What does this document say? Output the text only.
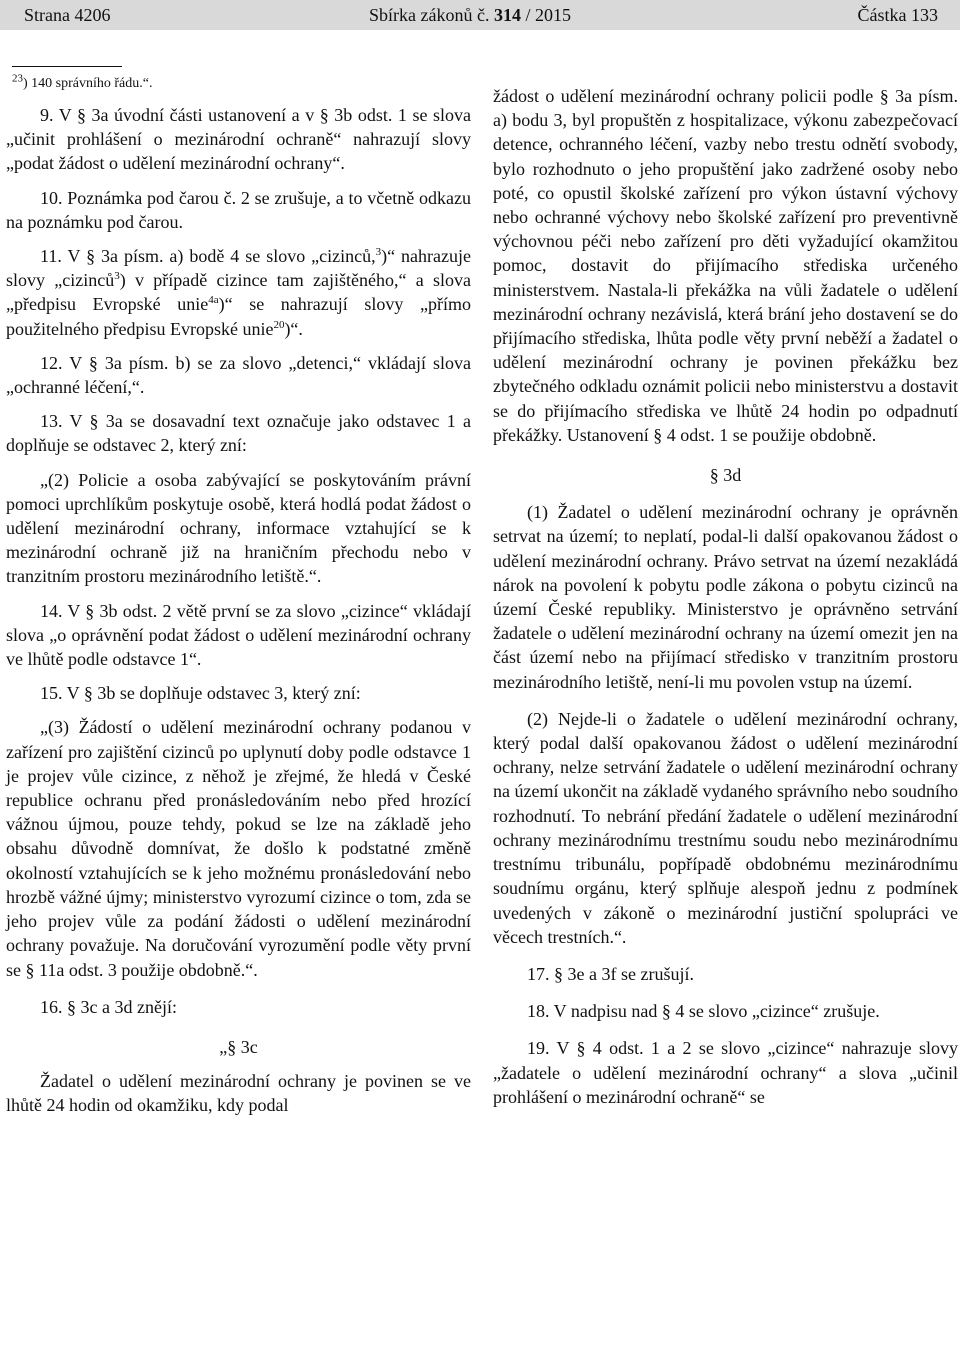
Strana 4206	Sbírka zákonů č. 314 / 2015	Částka 133

$^{23}$) 140 správního řádu.“.

9. V § 3a úvodní části ustanovení a v § 3b odst. 1 se slova „učinit prohlášení o mezinárodní ochraně“ nahrazují slovy „podat žádost o udělení mezinárodní ochrany“.

10. Poznámka pod čarou č. 2 se zrušuje, a to včetně odkazu na poznámku pod čarou.

11. V § 3a písm. a) bodě 4 se slovo „cizinců,$^3$)“ nahrazuje slovy „cizinců$^3$) v případě cizince tam zajištěného,“ a slova „předpisu Evropské unie$^{4a}$)“ se nahrazují slovy „přímo použitelného předpisu Evropské unie$^{20}$)“.

12. V § 3a písm. b) se za slovo „detenci,“ vkládají slova „ochranné léčení,“.

13. V § 3a se dosavadní text označuje jako odstavec 1 a doplňuje se odstavec 2, který zní:

„(2) Policie a osoba zabývající se poskytováním právní pomoci uprchlíkům poskytuje osobě, která hodlá podat žádost o udělení mezinárodní ochrany, informace vztahující se k mezinárodní ochraně již na hraničním přechodu nebo v tranzitním prostoru mezinárodního letiště.“.

14. V § 3b odst. 2 větě první se za slovo „cizince“ vkládají slova „o oprávnění podat žádost o udělení mezinárodní ochrany ve lhůtě podle odstavce 1“.

15. V § 3b se doplňuje odstavec 3, který zní:

„(3) Žádostí o udělení mezinárodní ochrany podanou v zařízení pro zajištění cizinců po uplynutí doby podle odstavce 1 je projev vůle cizince, z něhož je zřejmé, že hledá v České republice ochranu před pronásledováním nebo před hrozící vážnou újmou, pouze tehdy, pokud se lze na základě jeho obsahu důvodně domnívat, že došlo k podstatné změně okolností vztahujících se k jeho možnému pronásledování nebo hrozbě vážné újmy; ministerstvo vyrozumí cizince o tom, zda se jeho projev vůle za podání žádosti o udělení mezinárodní ochrany považuje. Na doručování vyrozumění podle věty první se § 11a odst. 3 použije obdobně.“.

16. § 3c a 3d znějí:

„§ 3c

Žadatel o udělení mezinárodní ochrany je povinen se ve lhůtě 24 hodin od okamžiku, kdy podal

žádost o udělení mezinárodní ochrany policii podle § 3a písm. a) bodu 3, byl propuštěn z hospitalizace, výkonu zabezpečovací detence, ochranného léčení, vazby nebo trestu odnětí svobody, bylo rozhodnuto o jeho propuštění jako zadržené osoby nebo poté, co opustil školské zařízení pro výkon ústavní výchovy nebo ochranné výchovy nebo školské zařízení pro preventivně výchovnou péči nebo zařízení pro děti vyžadující okamžitou pomoc, dostavit do přijímacího střediska určeného ministerstvem. Nastala-li překážka na vůli žadatele o udělení mezinárodní ochrany nezávislá, která brání jeho dostavení se do přijímacího střediska, lhůta podle věty první neběží a žadatel o udělení mezinárodní ochrany je povinen překážku bez zbytečného odkladu oznámit policii nebo ministerstvu a dostavit se do přijímacího střediska ve lhůtě 24 hodin po odpadnutí překážky. Ustanovení § 4 odst. 1 se použije obdobně.

§ 3d

(1) Žadatel o udělení mezinárodní ochrany je oprávněn setrvat na území; to neplatí, podal-li další opakovanou žádost o udělení mezinárodní ochrany. Právo setrvat na území nezakládá nárok na povolení k pobytu podle zákona o pobytu cizinců na území České republiky. Ministerstvo je oprávněno setrvání žadatele o udělení mezinárodní ochrany na území omezit jen na část území nebo na přijímací středisko v tranzitním prostoru mezinárodního letiště, není-li mu povolen vstup na území.

(2) Nejde-li o žadatele o udělení mezinárodní ochrany, který podal další opakovanou žádost o udělení mezinárodní ochrany, nelze setrvání žadatele o udělení mezinárodní ochrany na území ukončit na základě vydaného správního nebo soudního rozhodnutí. To nebrání předání žadatele o udělení mezinárodní ochrany mezinárodnímu trestnímu soudu nebo mezinárodnímu trestnímu tribunálu, popřípadě obdobnému mezinárodnímu soudnímu orgánu, který splňuje alespoň jednu z podmínek uvedených v zákoně o mezinárodní justiční spolupráci ve věcech trestních.“.

17. § 3e a 3f se zrušují.

18. V nadpisu nad § 4 se slovo „cizince“ zrušuje.

19. V § 4 odst. 1 a 2 se slovo „cizince“ nahrazuje slovy „žadatele o udělení mezinárodní ochrany“ a slova „učinil prohlášení o mezinárodní ochraně“ se
